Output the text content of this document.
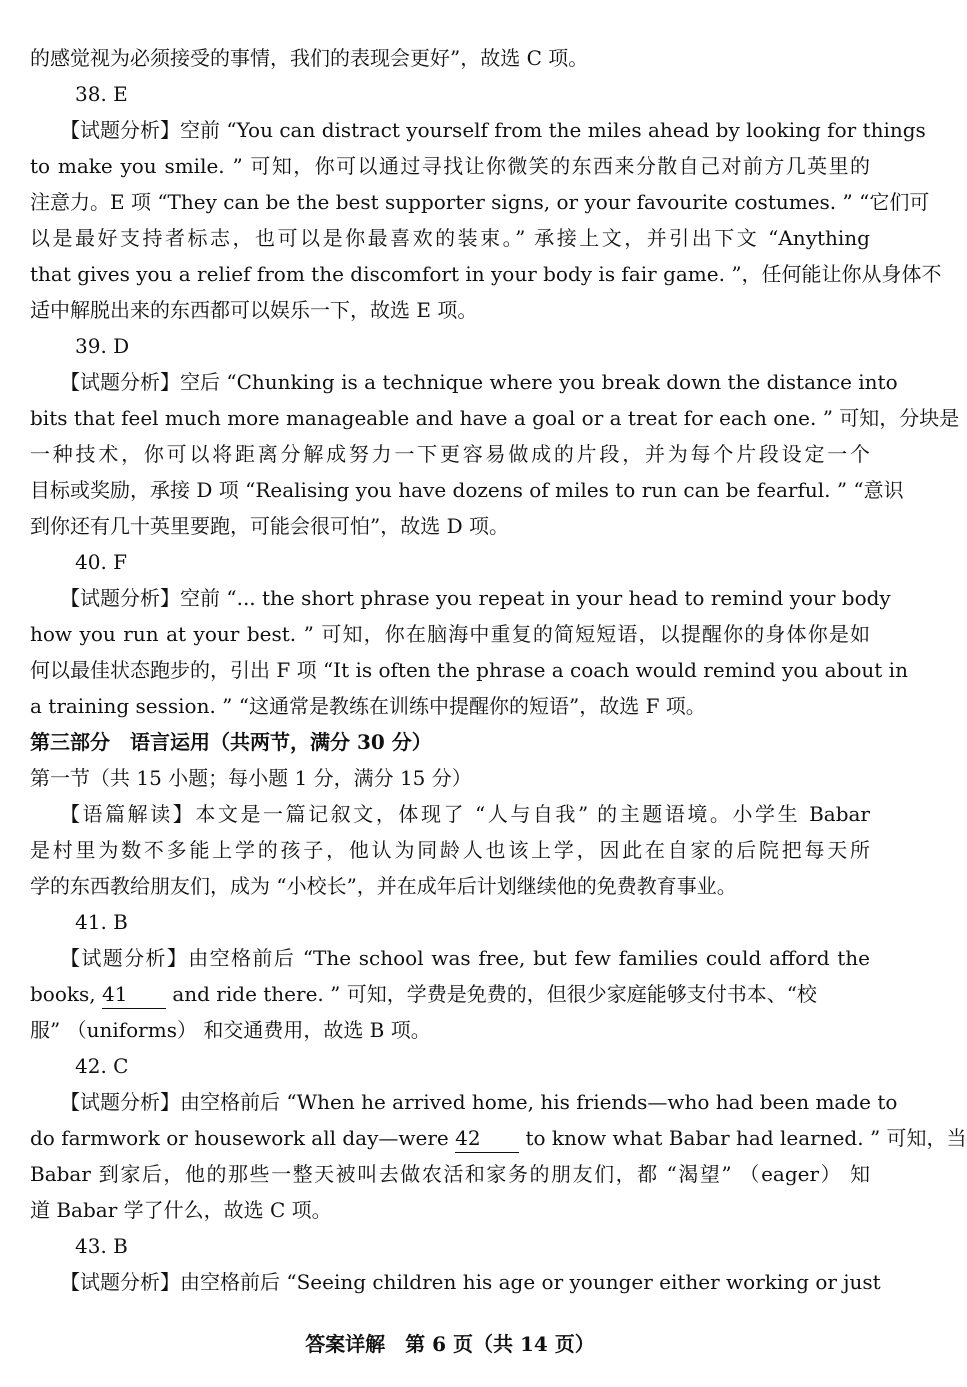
的感觉视为必须接受的事情，我们的表现会更好”，故选 C 项。
38. E
【试题分析】空前 “You can distract yourself from the miles ahead by looking for things
to make you smile. ” 可知，你可以通过寻找让你微笑的东西来分散自己对前方几英里的
注意力。E 项 “They can be the best supporter signs, or your favourite costumes. ” “它们可
以是最好支持者标志，也可以是你最喜欢的装束。” 承接上文，并引出下文 “Anything
that gives you a relief from the discomfort in your body is fair game. ”，任何能让你从身体不
适中解脱出来的东西都可以娱乐一下，故选 E 项。
39. D
【试题分析】空后 “Chunking is a technique where you break down the distance into
bits that feel much more manageable and have a goal or a treat for each one. ” 可知，分块是
一种技术，你可以将距离分解成努力一下更容易做成的片段，并为每个片段设定一个
目标或奖励，承接 D 项 “Realising you have dozens of miles to run can be fearful. ” “意识
到你还有几十英里要跑，可能会很可怕”，故选 D 项。
40. F
【试题分析】空前 “... the short phrase you repeat in your head to remind your body
how you run at your best. ” 可知，你在脑海中重复的简短短语，以提醒你的身体你是如
何以最佳状态跑步的，引出 F 项 “It is often the phrase a coach would remind you about in
a training session. ” “这通常是教练在训练中提醒你的短语”，故选 F 项。
第三部分　语言运用（共两节，满分 30 分）
第一节（共 15 小题；每小题 1 分，满分 15 分）
【语篇解读】本文是一篇记叙文，体现了 “人与自我” 的主题语境。小学生 Babar
是村里为数不多能上学的孩子，他认为同龄人也该上学，因此在自家的后院把每天所
学的东西教给朋友们，成为 “小校长”，并在成年后计划继续他的免费教育事业。
41. B
【试题分析】由空格前后 “The school was free, but few families could afford the
books, 41 and ride there. ” 可知，学费是免费的，但很少家庭能够支付书本、“校
服” （uniforms） 和交通费用，故选 B 项。
42. C
【试题分析】由空格前后 “When he arrived home, his friends—who had been made to
do farmwork or housework all day—were 42 to know what Babar had learned. ” 可知，当
Babar 到家后，他的那些一整天被叫去做农活和家务的朋友们，都 “渴望” （eager） 知
道 Babar 学了什么，故选 C 项。
43. B
【试题分析】由空格前后 “Seeing children his age or younger either working or just
答案详解　第 6 页（共 14 页）
